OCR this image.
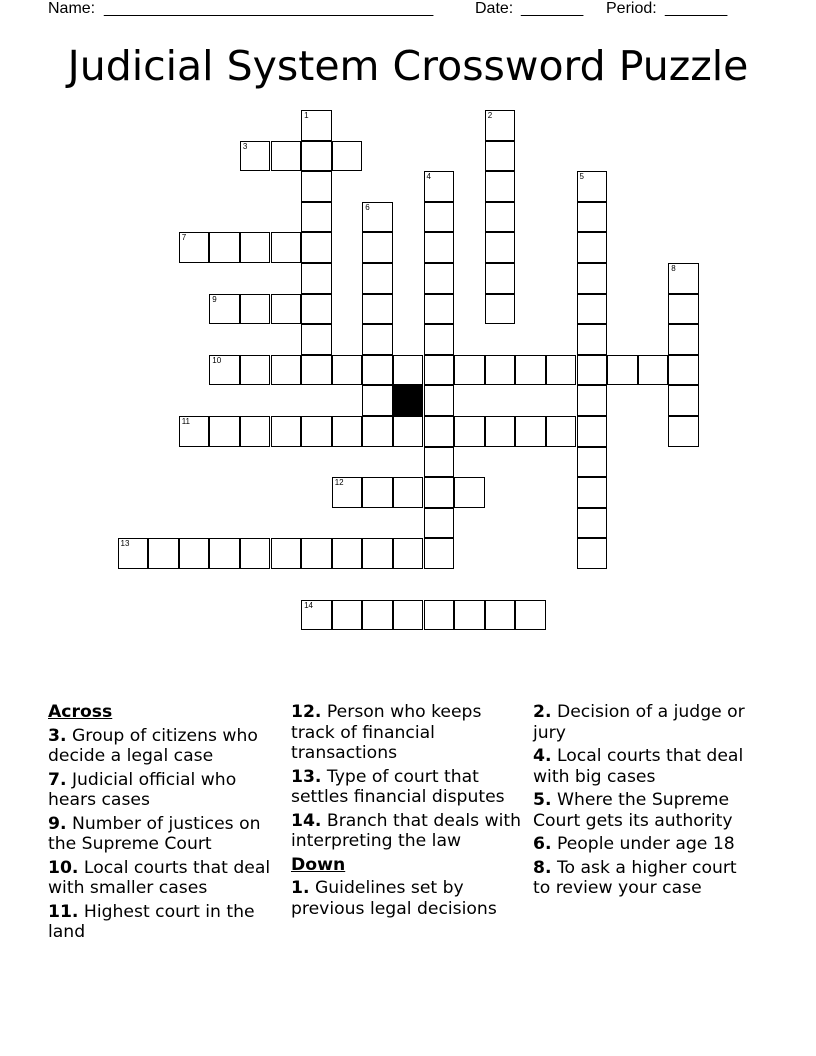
Name: _____________________________________	Date: _______ Period: _______
Judicial System Crossword Puzzle
3
7
9
10
11
12
13
14
1	2
4	5
6
8
Across
3. Group of citizens who decide a legal case
7. Judicial official who hears cases
9. Number of justices on the Supreme Court
10. Local courts that deal with smaller cases
11. Highest court in the land
12. Person who keeps track of financial transactions
13. Type of court that settles financial disputes
14. Branch that deals with interpreting the law
Down
1. Guidelines set by previous legal decisions
2. Decision of a judge or jury
4. Local courts that deal with big cases
5. Where the Supreme Court gets its authority
6. People under age 18
8. To ask a higher court to review your case
